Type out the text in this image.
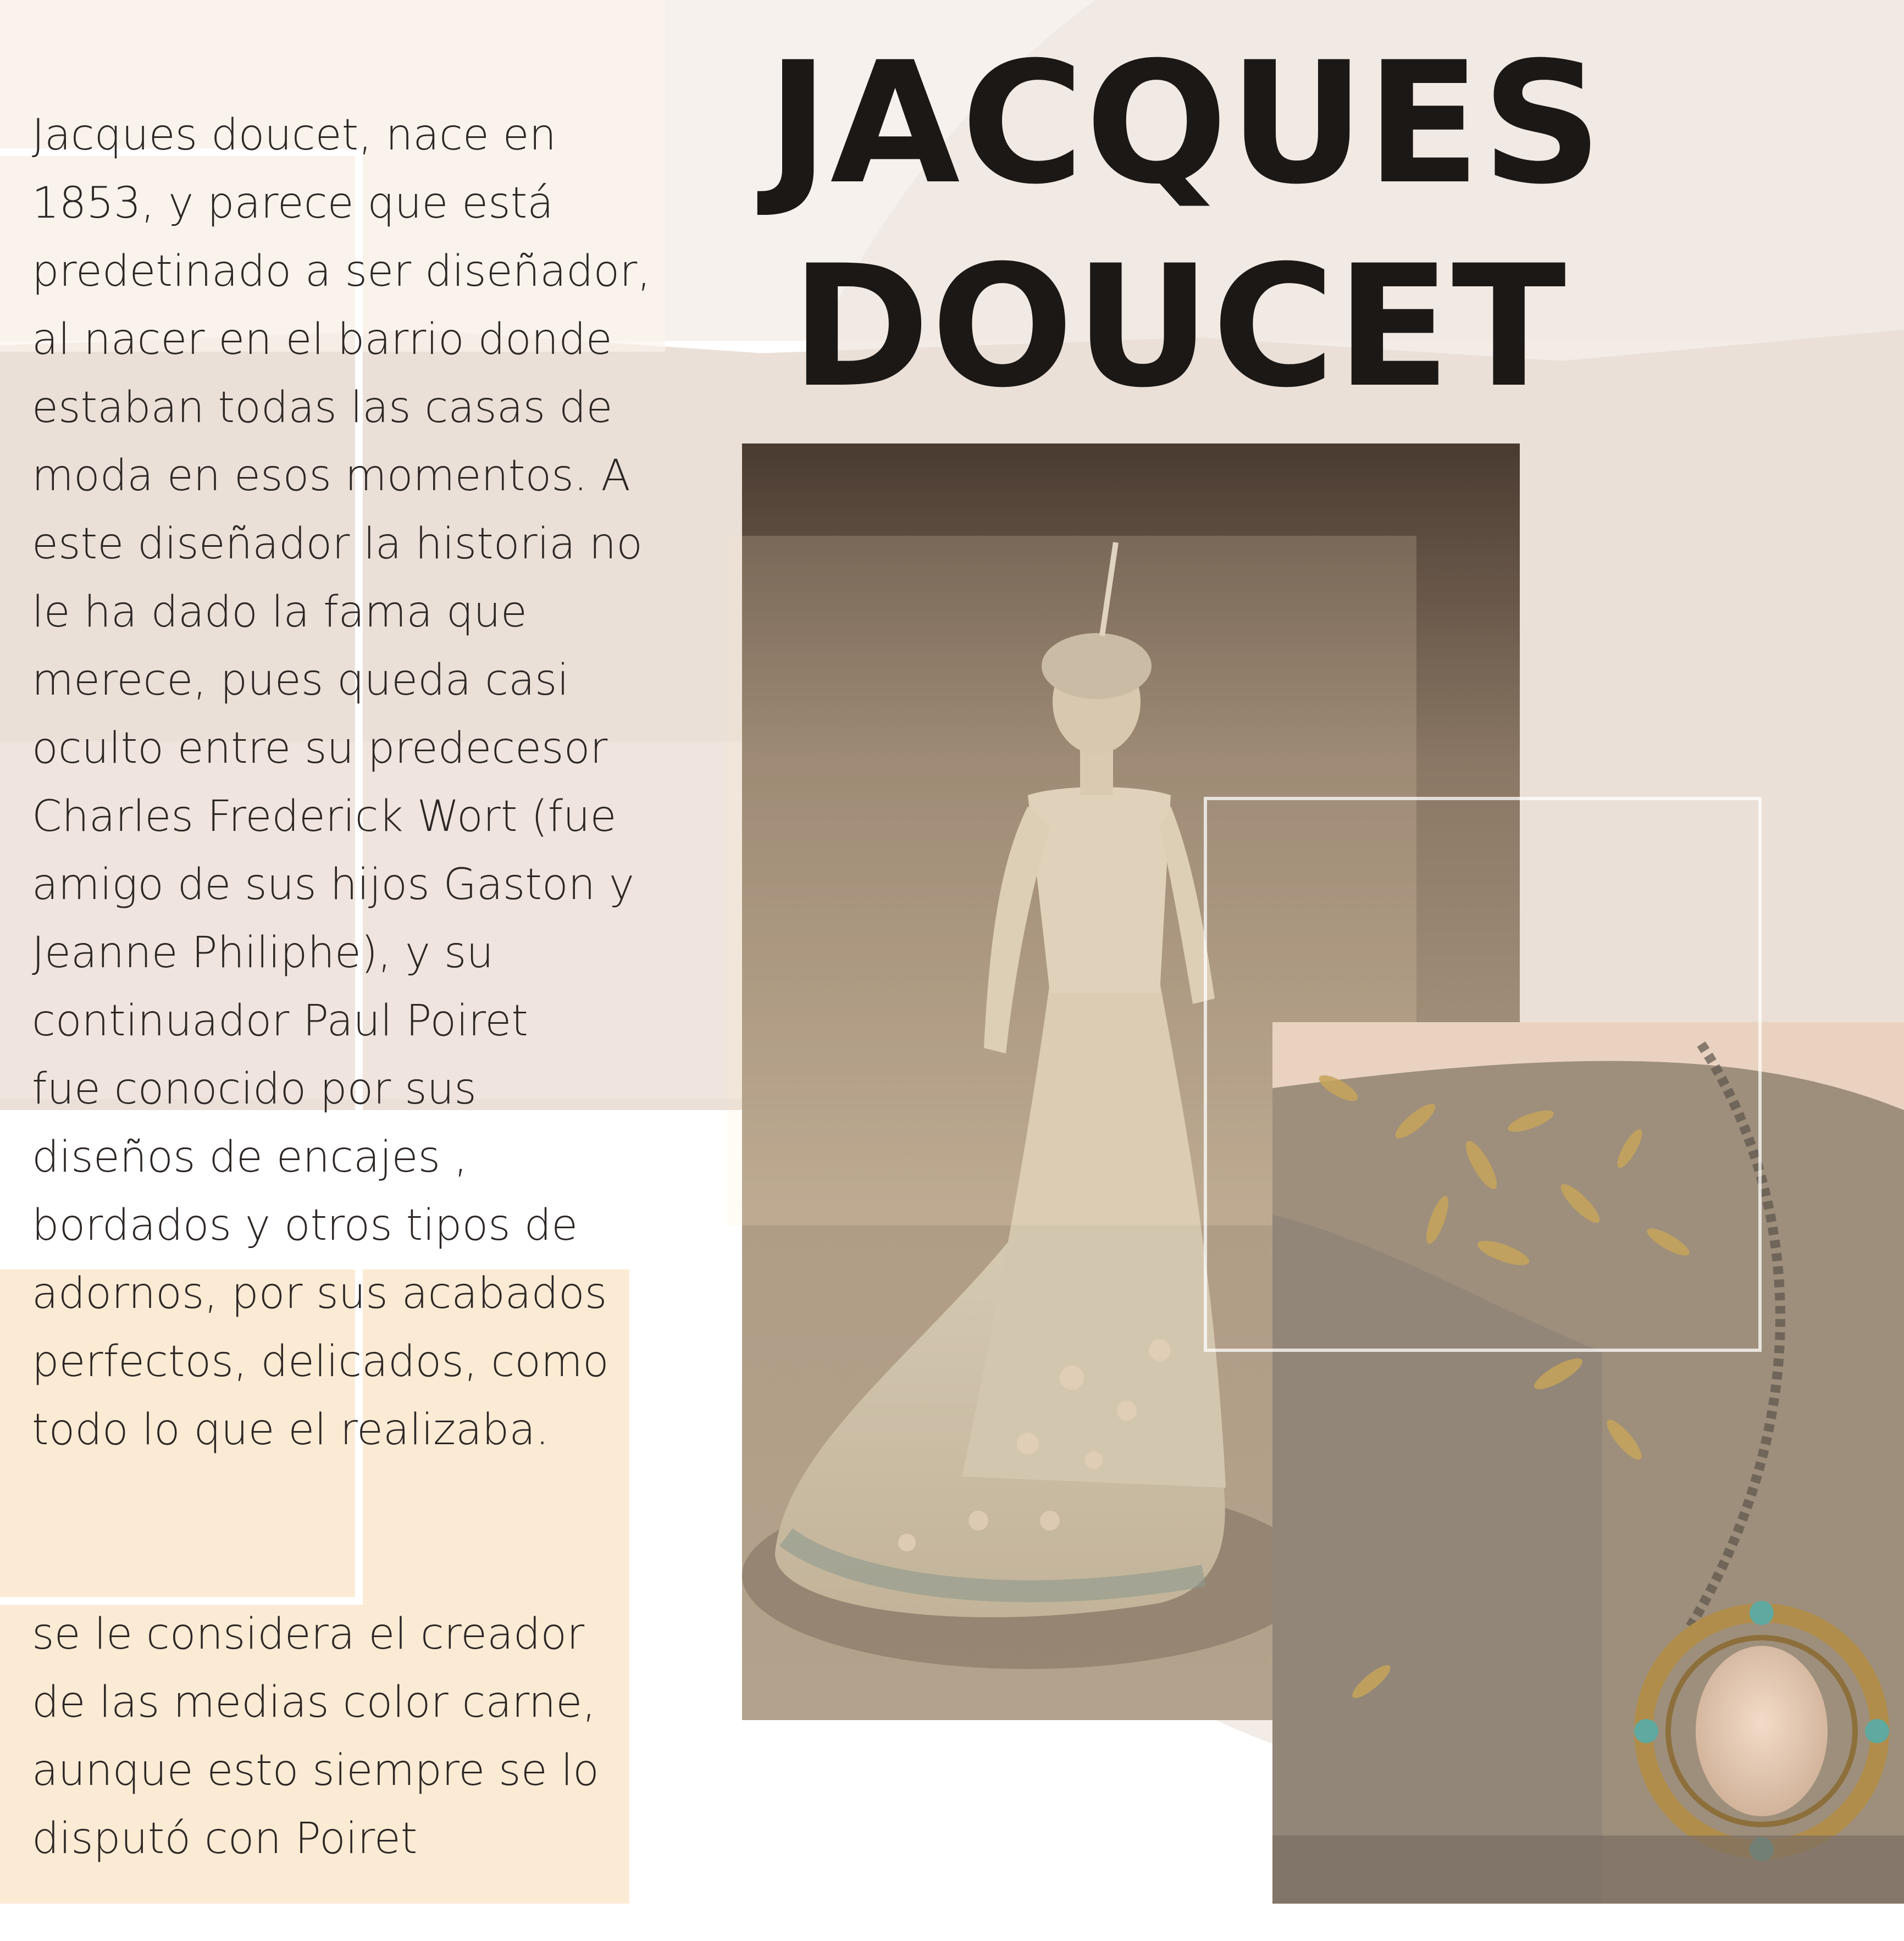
JACQUES
DOUCET

Jacques doucet, nace en
1853, y parece que está
predetinado a ser diseñador,
al nacer en el barrio donde
estaban todas las casas de
moda en esos momentos. A
este diseñador la historia no
le ha dado la fama que
merece, pues queda casi
oculto entre su predecesor
Charles Frederick Wort (fue
amigo de sus hijos Gaston y
Jeanne Philiphe), y su
continuador Paul Poiret
fue conocido por sus
diseños de encajes ,
bordados y otros tipos de
adornos, por sus acabados
perfectos, delicados, como
todo lo que el realizaba.

se le considera el creador
de las medias color carne,
aunque esto siempre se lo
disputó con Poiret
